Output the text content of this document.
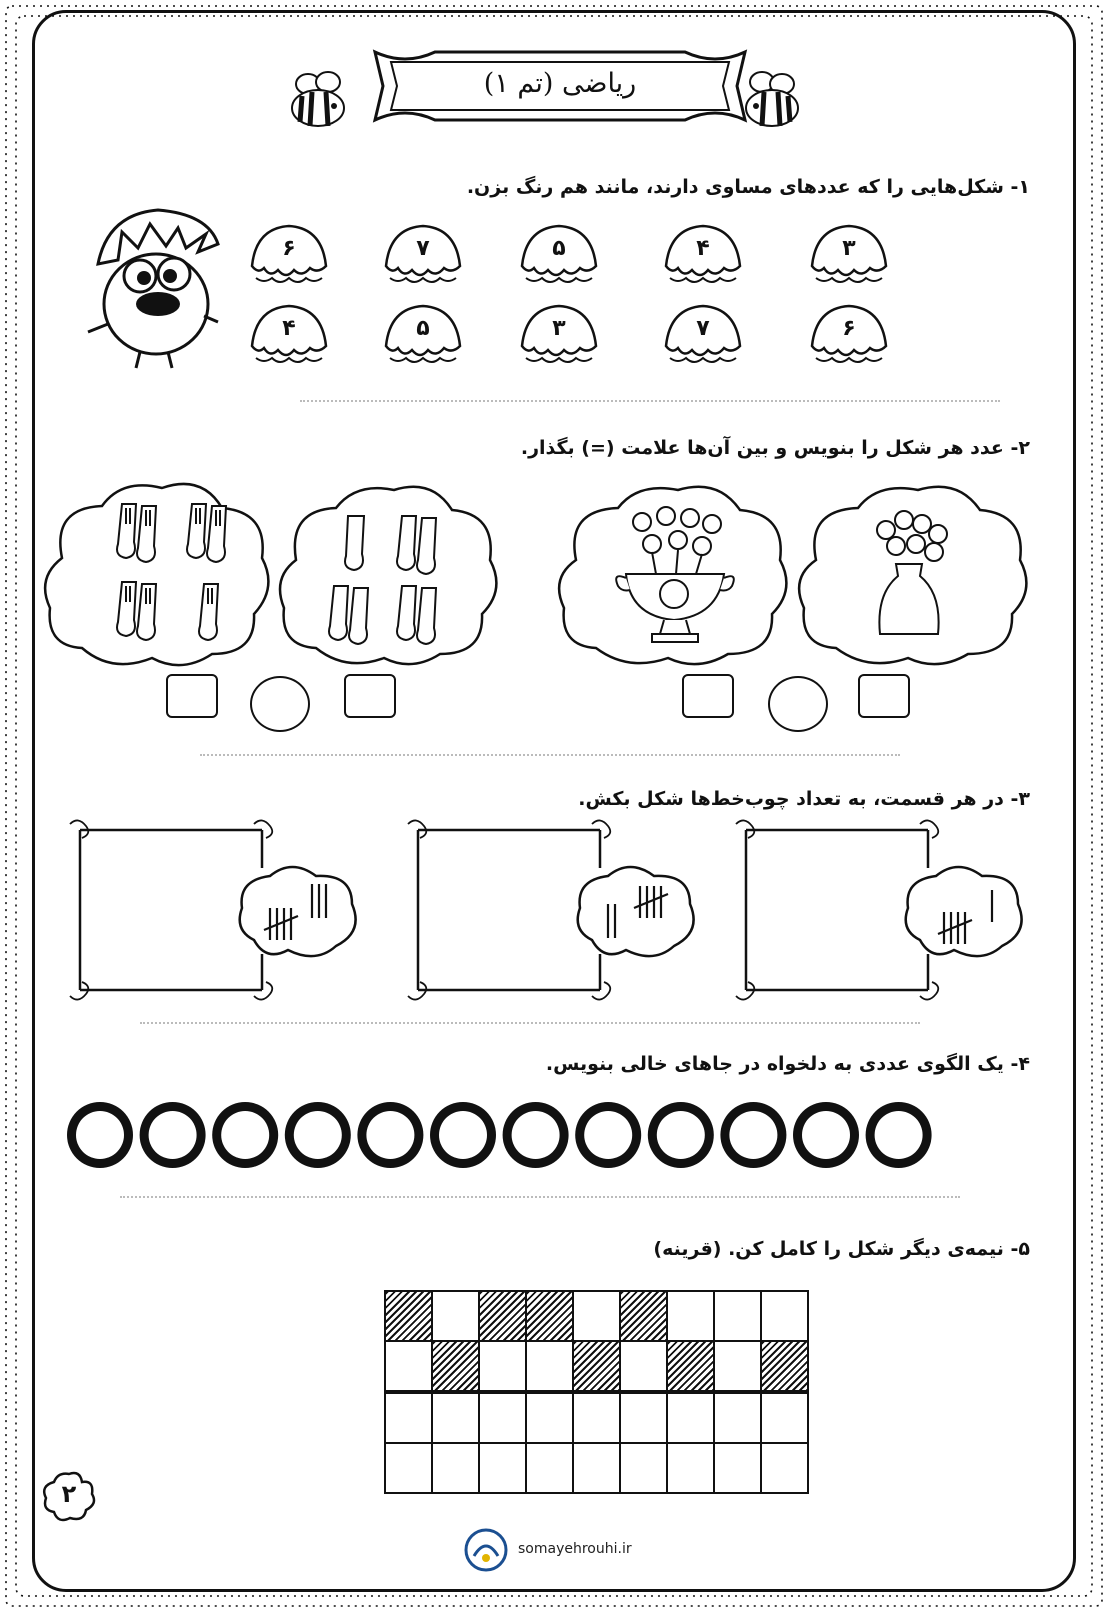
ریاضی (تم ۱)
۱- شکل‌هایی را که عددهای مساوی دارند، مانند هم رنگ بزن.
۶	۷	۵	۴	۳
۴	۵	۳	۷	۶
۲- عدد هر شکل را بنویس و بین آن‌ها علامت (=) بگذار.
۳- در هر قسمت، به تعداد چوب‌خط‌ها شکل بکش.
۴- یک الگوی عددی به دلخواه در جاهای خالی بنویس.
۵- نیمه‌ی دیگر شکل را کامل کن. (قرینه)

۲
somayehrouhi.ir
